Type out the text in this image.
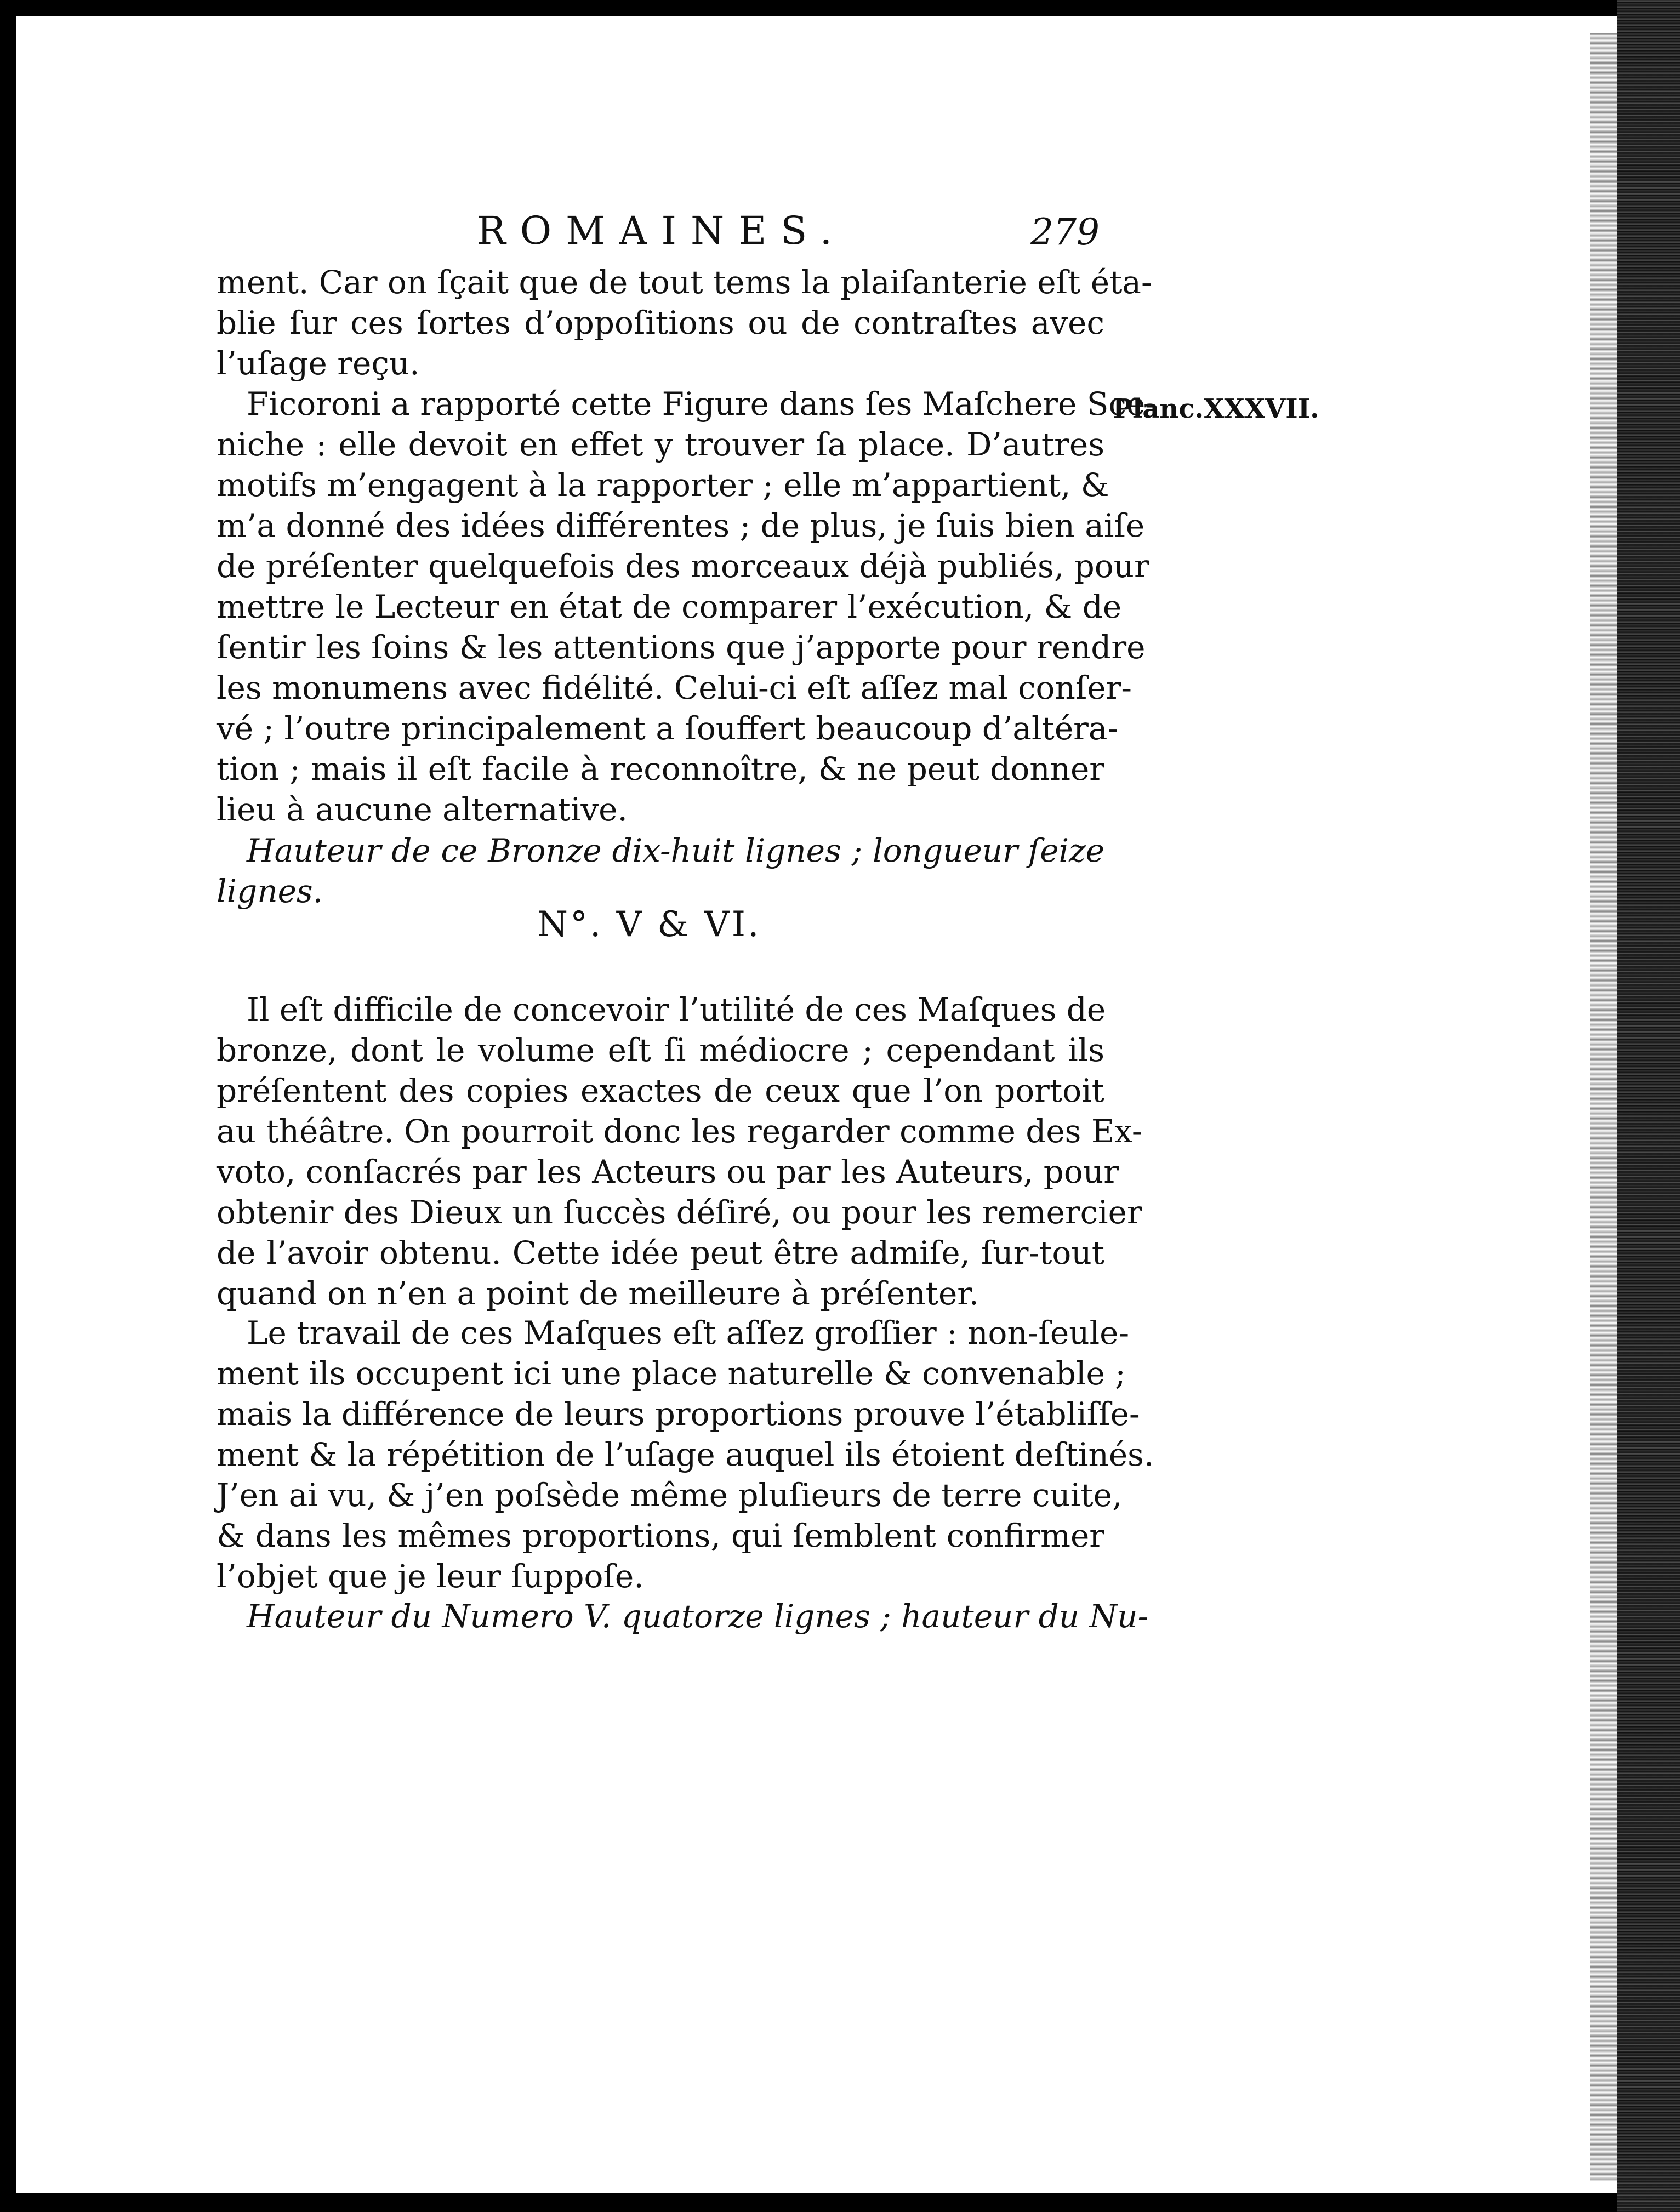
ROMAINES.	279
Planc.XXXVII.
ment. Car on ſçait que de tout tems la plaiſanterie eſt éta-
blie ſur ces ſortes d’oppoſitions ou de contraſtes avec
l’uſage reçu.
Ficoroni a rapporté cette Figure dans ſes Maſchere Sce-
niche : elle devoit en effet y trouver ſa place. D’autres
motifs m’engagent à la rapporter ; elle m’appartient, &
m’a donné des idées différentes ; de plus, je ſuis bien aiſe
de préſenter quelquefois des morceaux déjà publiés, pour
mettre le Lecteur en état de comparer l’exécution, & de
ſentir les ſoins & les attentions que j’apporte pour rendre
les monumens avec fidélité. Celui-ci eſt aſſez mal conſer-
vé ; l’outre principalement a ſouffert beaucoup d’altéra-
tion ; mais il eſt facile à reconnoître, & ne peut donner
lieu à aucune alternative.
Hauteur de ce Bronze dix-huit lignes ; longueur ſeize
lignes.
N°. V & VI.
Il eſt difficile de concevoir l’utilité de ces Maſques de
bronze, dont le volume eſt ſi médiocre ; cependant ils
préſentent des copies exactes de ceux que l’on portoit
au théâtre. On pourroit donc les regarder comme des Ex-
voto, conſacrés par les Acteurs ou par les Auteurs, pour
obtenir des Dieux un ſuccès déſiré, ou pour les remercier
de l’avoir obtenu. Cette idée peut être admiſe, ſur-tout
quand on n’en a point de meilleure à préſenter.
Le travail de ces Maſques eſt aſſez groſſier : non-ſeule-
ment ils occupent ici une place naturelle & convenable ;
mais la différence de leurs proportions prouve l’établiſſe-
ment & la répétition de l’uſage auquel ils étoient deſtinés.
J’en ai vu, & j’en poſsède même pluſieurs de terre cuite,
& dans les mêmes proportions, qui ſemblent confirmer
l’objet que je leur ſuppoſe.
Hauteur du Numero V. quatorze lignes ; hauteur du Nu-
